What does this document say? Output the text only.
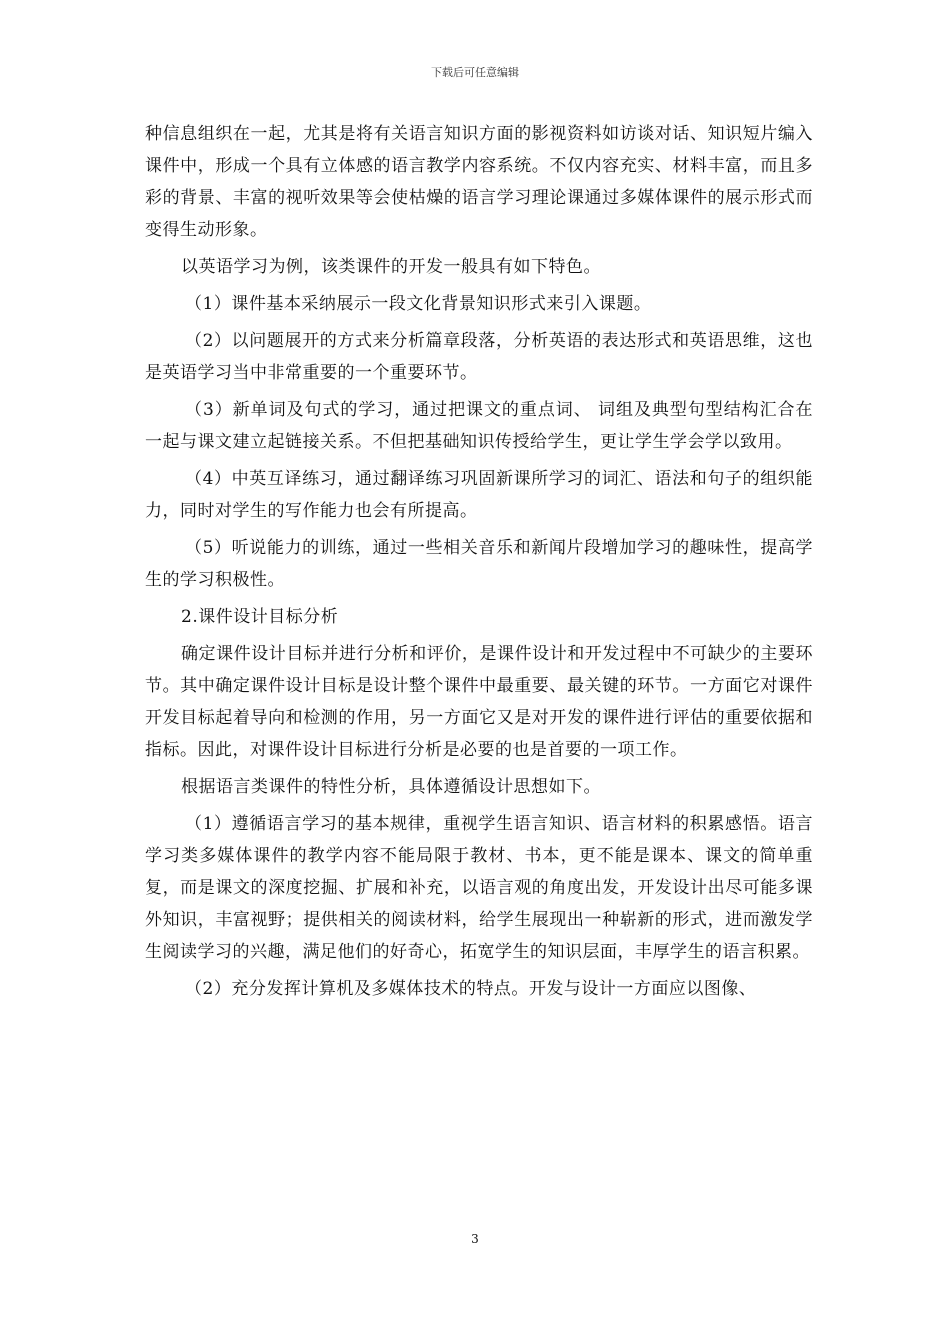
下载后可任意编辑

种信息组织在一起，尤其是将有关语言知识方面的影视资料如访谈对话、知识短片编入课件中，形成一个具有立体感的语言教学内容系统。不仅内容充实、材料丰富，而且多彩的背景、丰富的视听效果等会使枯燥的语言学习理论课通过多媒体课件的展示形式而变得生动形象。

以英语学习为例，该类课件的开发一般具有如下特色。

（1）课件基本采纳展示一段文化背景知识形式来引入课题。

（2）以问题展开的方式来分析篇章段落，分析英语的表达形式和英语思维，这也是英语学习当中非常重要的一个重要环节。

（3）新单词及句式的学习，通过把课文的重点词、 词组及典型句型结构汇合在一起与课文建立起链接关系。不但把基础知识传授给学生，更让学生学会学以致用。

（4）中英互译练习，通过翻译练习巩固新课所学习的词汇、语法和句子的组织能力，同时对学生的写作能力也会有所提高。

（5）听说能力的训练，通过一些相关音乐和新闻片段增加学习的趣味性，提高学生的学习积极性。

2.课件设计目标分析

确定课件设计目标并进行分析和评价，是课件设计和开发过程中不可缺少的主要环节。其中确定课件设计目标是设计整个课件中最重要、最关键的环节。一方面它对课件开发目标起着导向和检测的作用，另一方面它又是对开发的课件进行评估的重要依据和指标。因此，对课件设计目标进行分析是必要的也是首要的一项工作。

根据语言类课件的特性分析，具体遵循设计思想如下。

（1）遵循语言学习的基本规律，重视学生语言知识、语言材料的积累感悟。语言学习类多媒体课件的教学内容不能局限于教材、书本，更不能是课本、课文的简单重复，而是课文的深度挖掘、扩展和补充，以语言观的角度出发，开发设计出尽可能多课外知识，丰富视野；提供相关的阅读材料，给学生展现出一种崭新的形式，进而激发学生阅读学习的兴趣，满足他们的好奇心，拓宽学生的知识层面，丰厚学生的语言积累。

（2）充分发挥计算机及多媒体技术的特点。开发与设计一方面应以图像、

3
